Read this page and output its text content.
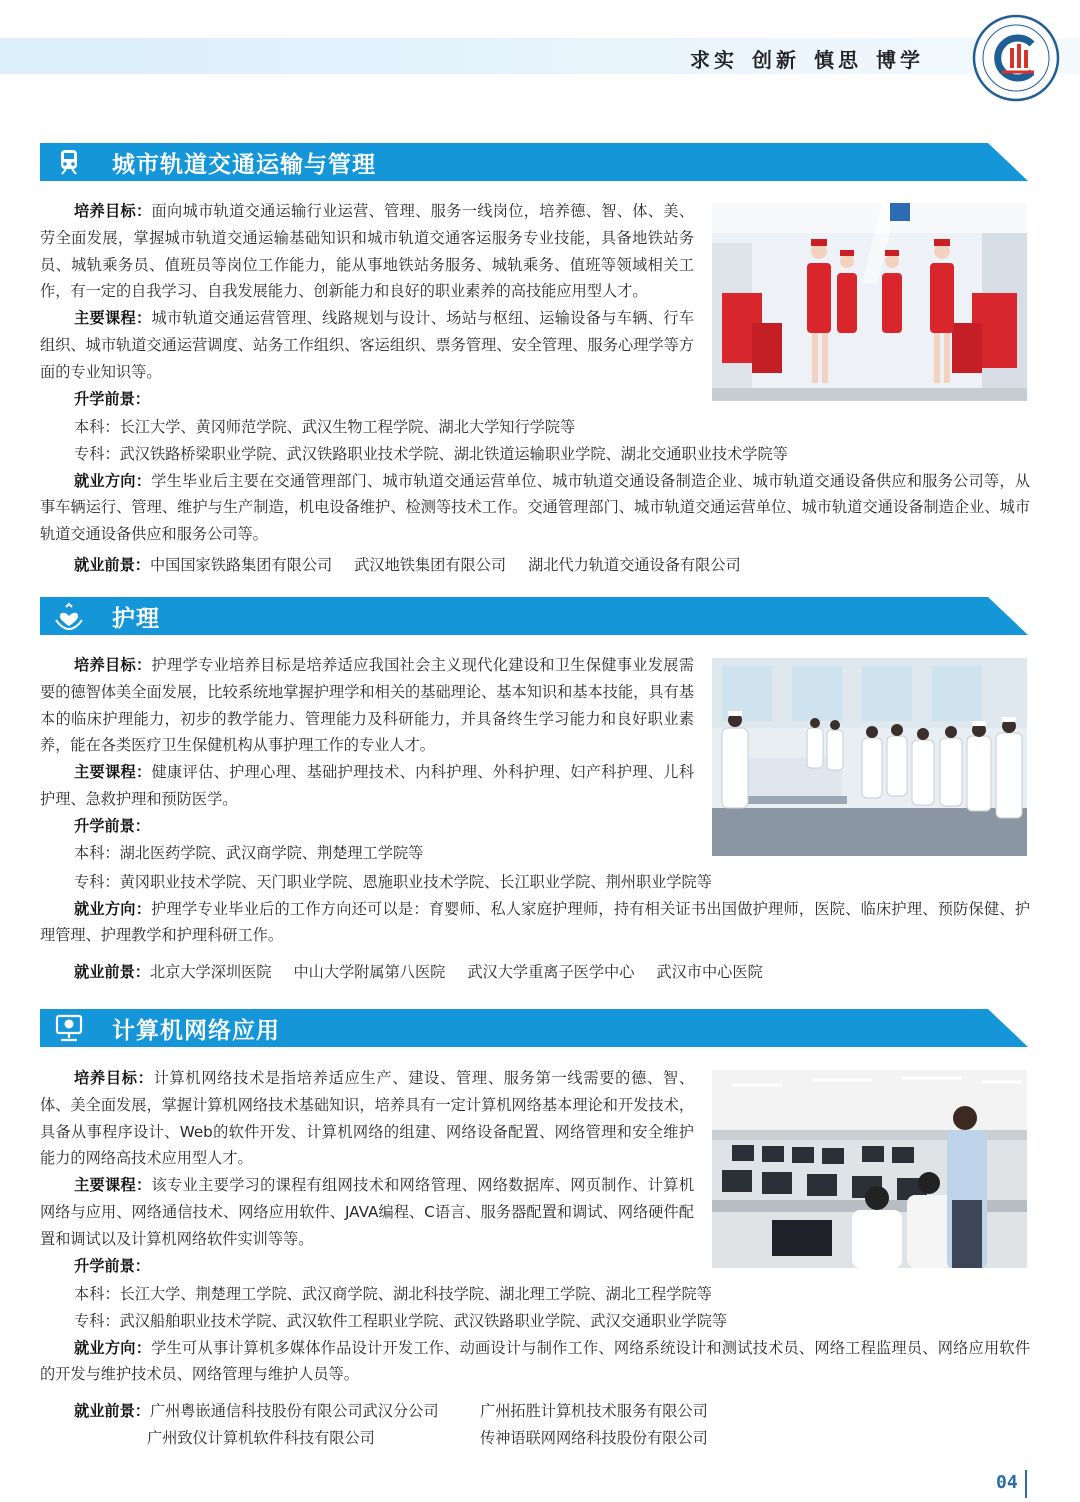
求实 创新 慎思 博学
城市轨道交通运输与管理

培养目标：面向城市轨道交通运输行业运营、管理、服务一线岗位，培养德、智、体、美、劳全面发展，掌握城市轨道交通运输基础知识和城市轨道交通客运服务专业技能，具备地铁站务员、城轨乘务员、值班员等岗位工作能力，能从事地铁站务服务、城轨乘务、值班等领域相关工作，有一定的自我学习、自我发展能力、创新能力和良好的职业素养的高技能应用型人才。

主要课程：城市轨道交通运营管理、线路规划与设计、场站与枢纽、运输设备与车辆、行车组织、城市轨道交通运营调度、站务工作组织、客运组织、票务管理、安全管理、服务心理学等方面的专业知识等。

升学前景：

本科：长江大学、黄冈师范学院、武汉生物工程学院、湖北大学知行学院等

专科：武汉铁路桥梁职业学院、武汉铁路职业技术学院、湖北铁道运输职业学院、湖北交通职业技术学院等

就业方向：学生毕业后主要在交通管理部门、城市轨道交通运营单位、城市轨道交通设备制造企业、城市轨道交通设备供应和服务公司等，从事车辆运行、管理、维护与生产制造，机电设备维护、检测等技术工作。交通管理部门、城市轨道交通运营单位、城市轨道交通设备制造企业、城市轨道交通设备供应和服务公司等。

就业前景：中国国家铁路集团有限公司 武汉地铁集团有限公司 湖北代力轨道交通设备有限公司

护理

培养目标：护理学专业培养目标是培养适应我国社会主义现代化建设和卫生保健事业发展需要的德智体美全面发展，比较系统地掌握护理学和相关的基础理论、基本知识和基本技能，具有基本的临床护理能力，初步的教学能力、管理能力及科研能力，并具备终生学习能力和良好职业素养，能在各类医疗卫生保健机构从事护理工作的专业人才。

主要课程：健康评估、护理心理、基础护理技术、内科护理、外科护理、妇产科护理、儿科护理、急救护理和预防医学。

升学前景：

本科：湖北医药学院、武汉商学院、荆楚理工学院等

专科：黄冈职业技术学院、天门职业学院、恩施职业技术学院、长江职业学院、荆州职业学院等

就业方向：护理学专业毕业后的工作方向还可以是：育婴师、私人家庭护理师，持有相关证书出国做护理师，医院、临床护理、预防保健、护理管理、护理教学和护理科研工作。

就业前景：北京大学深圳医院 中山大学附属第八医院 武汉大学重离子医学中心 武汉市中心医院

计算机网络应用

培养目标：计算机网络技术是指培养适应生产、建设、管理、服务第一线需要的德、智、体、美全面发展，掌握计算机网络技术基础知识，培养具有一定计算机网络基本理论和开发技术，具备从事程序设计、Web的软件开发、计算机网络的组建、网络设备配置、网络管理和安全维护能力的网络高技术应用型人才。

主要课程：该专业主要学习的课程有组网技术和网络管理、网络数据库、网页制作、计算机网络与应用、网络通信技术、网络应用软件、JAVA编程、C语言、服务器配置和调试、网络硬件配置和调试以及计算机网络软件实训等等。

升学前景：

本科：长江大学、荆楚理工学院、武汉商学院、湖北科技学院、湖北理工学院、湖北工程学院等

专科：武汉船舶职业技术学院、武汉软件工程职业学院、武汉铁路职业学院、武汉交通职业学院等

就业方向：学生可从事计算机多媒体作品设计开发工作、动画设计与制作工作、网络系统设计和测试技术员、网络工程监理员、网络应用软件的开发与维护技术员、网络管理与维护人员等。

就业前景：广州粤嵌通信科技股份有限公司武汉分公司	广州拓胜计算机技术服务有限公司
广州致仪计算机软件科技有限公司	传神语联网网络科技股份有限公司
04
